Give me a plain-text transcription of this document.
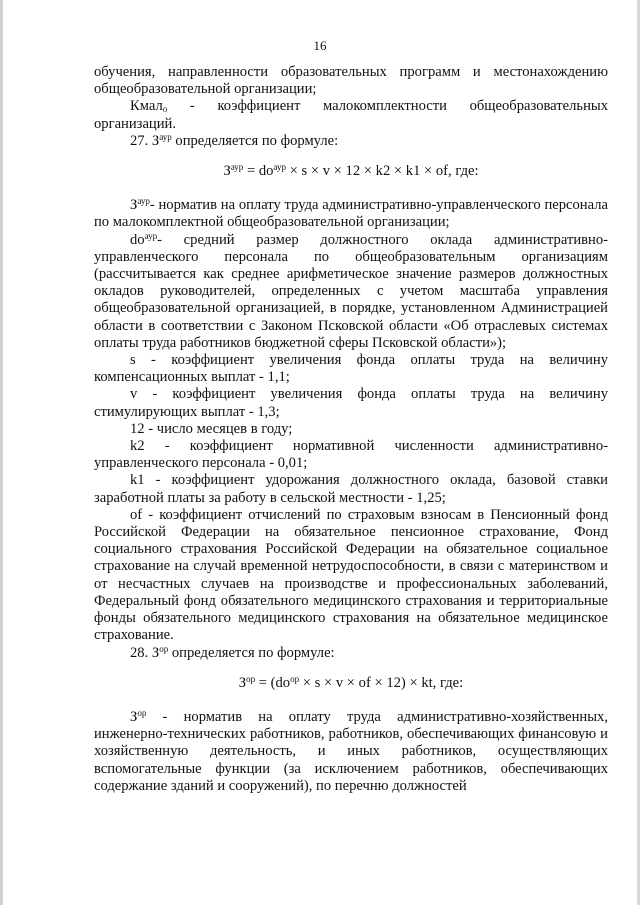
16

обучения, направленности образовательных программ и местонахождению общеобразовательной организации;

Кмал$_о$ - коэффициент малокомплектности общеобразовательных организаций.

27. $З^{аур}$ определяется по формуле:

$З^{аур} = do^{аур} \times s \times v \times 12 \times k2 \times k1$ × of, где:

$З^{аур}-$ норматив на оплату труда административно-управленческого персонала по малокомплектной общеобразовательной организации;

$do^{аур}-$ средний размер должностного оклада административно-управленческого персонала по общеобразовательным организациям (рассчитывается как среднее арифметическое значение размеров должностных окладов руководителей, определенных с учетом масштаба управления общеобразовательной организацией, в порядке, установленном Администрацией области в соответствии с Законом Псковской области «Об отраслевых системах оплаты труда работников бюджетной сферы Псковской области»);

s - коэффициент увеличения фонда оплаты труда на величину компенсационных выплат - 1,1;

v - коэффициент увеличения фонда оплаты труда на величину стимулирующих выплат - 1,3;

12 - число месяцев в году;

k2 - коэффициент нормативной численности административно-управленческого персонала - 0,01;

k1 - коэффициент удорожания должностного оклада, базовой ставки заработной платы за работу в сельской местности - 1,25;

of - коэффициент отчислений по страховым взносам в Пенсионный фонд Российской Федерации на обязательное пенсионное страхование, Фонд социального страхования Российской Федерации на обязательное социальное страхование на случай временной нетрудоспособности, в связи с материнством и от несчастных случаев на производстве и профессиональных заболеваний, Федеральный фонд обязательного медицинского страхования и территориальные фонды обязательного медицинского страхования на обязательное медицинское страхование.

28. $З^{ор}$ определяется по формуле:

$З^{ор} = (do^{ор} \times s \times v$ × of × 12) × kt, где:

$З^{ор}$ - норматив на оплату труда административно-хозяйственных, инженерно-технических работников, работников, обеспечивающих финансовую и хозяйственную деятельность, и иных работников, осуществляющих вспомогательные функции (за исключением работников, обеспечивающих содержание зданий и сооружений), по перечню должностей
